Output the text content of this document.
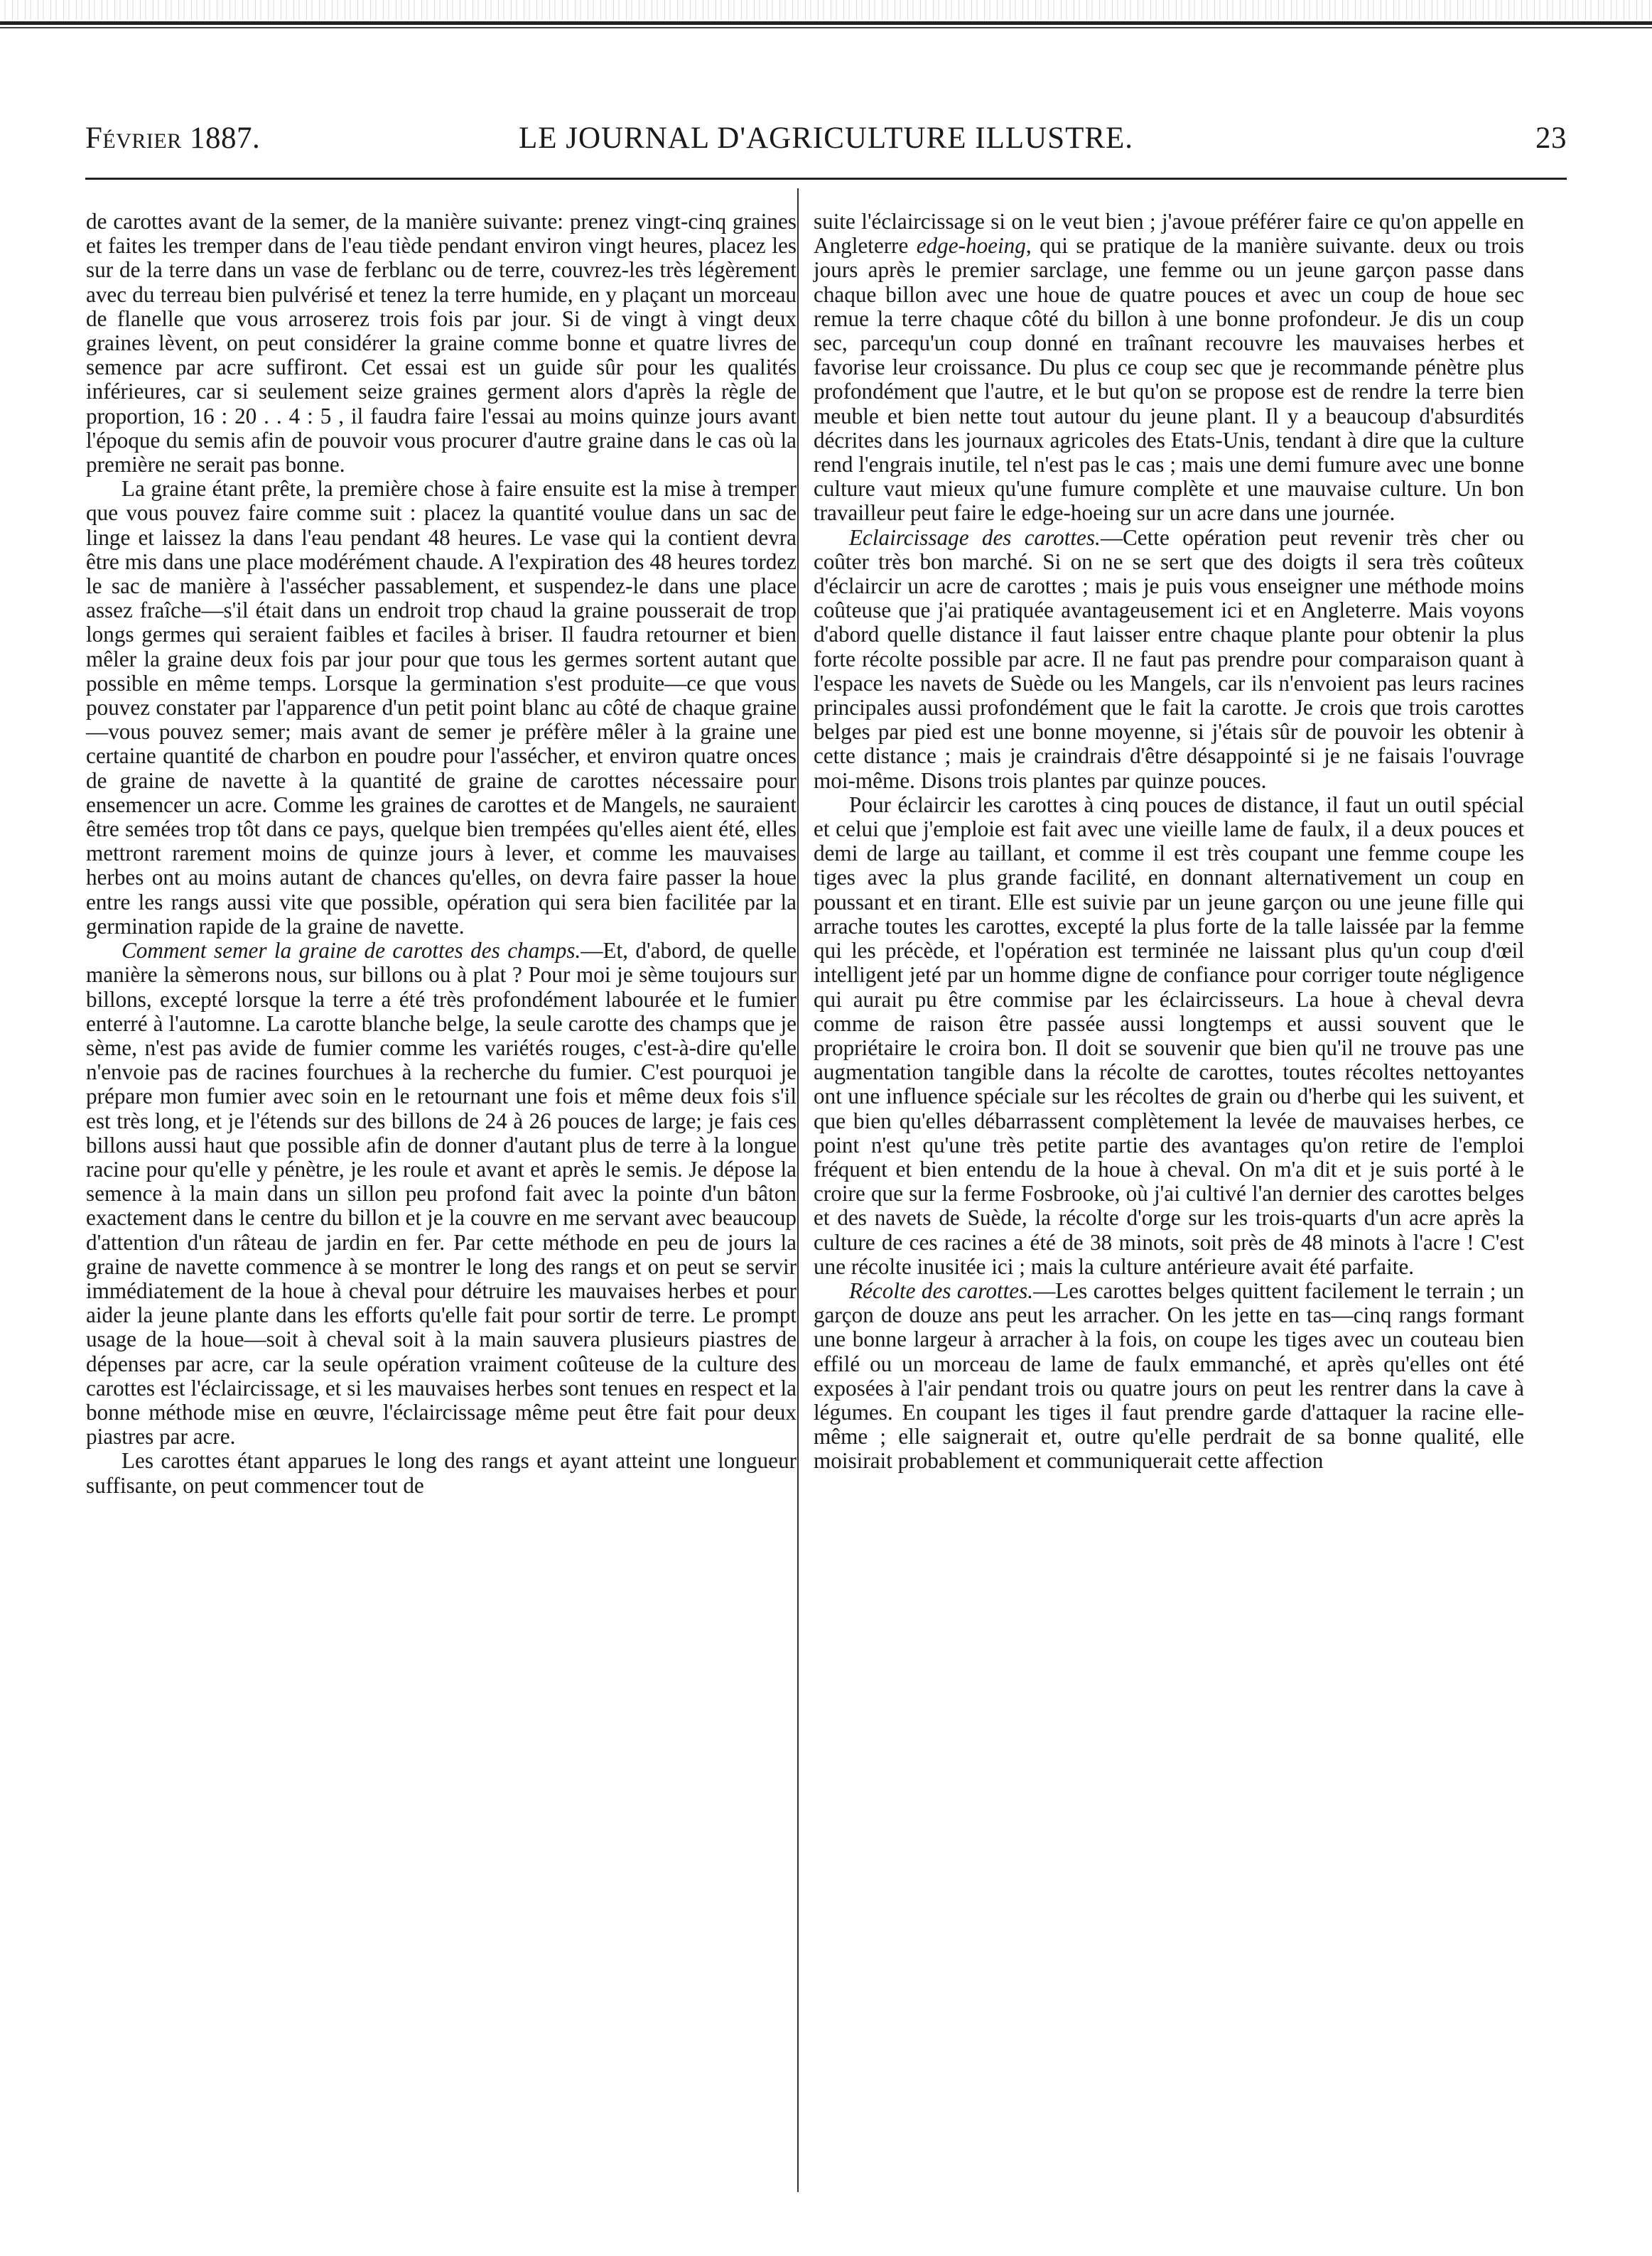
Février 1887.	LE JOURNAL D'AGRICULTURE ILLUSTRE.	23

de carottes avant de la semer, de la manière suivante: prenez vingt-cinq graines et faites les tremper dans de l'eau tiède pendant environ vingt heures, placez les sur de la terre dans un vase de ferblanc ou de terre, couvrez-les très légèrement avec du terreau bien pulvérisé et tenez la terre humide, en y plaçant un morceau de flanelle que vous arroserez trois fois par jour. Si de vingt à vingt deux graines lèvent, on peut considérer la graine comme bonne et quatre livres de semence par acre suffiront. Cet essai est un guide sûr pour les qualités inférieures, car si seulement seize graines germent alors d'après la règle de proportion, 16 : 20 . . 4 : 5 , il faudra faire l'essai au moins quinze jours avant l'époque du semis afin de pouvoir vous procurer d'autre graine dans le cas où la première ne serait pas bonne.

La graine étant prête, la première chose à faire ensuite est la mise à tremper que vous pouvez faire comme suit : placez la quantité voulue dans un sac de linge et laissez la dans l'eau pendant 48 heures. Le vase qui la contient devra être mis dans une place modérément chaude. A l'expiration des 48 heures tordez le sac de manière à l'assécher passablement, et suspendez-le dans une place assez fraîche—s'il était dans un endroit trop chaud la graine pousserait de trop longs germes qui seraient faibles et faciles à briser. Il faudra retourner et bien mêler la graine deux fois par jour pour que tous les germes sortent autant que possible en même temps. Lorsque la germination s'est produite—ce que vous pouvez constater par l'apparence d'un petit point blanc au côté de chaque graine—vous pouvez semer; mais avant de semer je préfère mêler à la graine une certaine quantité de charbon en poudre pour l'assécher, et environ quatre onces de graine de navette à la quantité de graine de carottes nécessaire pour ensemencer un acre. Comme les graines de carottes et de Mangels, ne sauraient être semées trop tôt dans ce pays, quelque bien trempées qu'elles aient été, elles mettront rarement moins de quinze jours à lever, et comme les mauvaises herbes ont au moins autant de chances qu'elles, on devra faire passer la houe entre les rangs aussi vite que possible, opération qui sera bien facilitée par la germination rapide de la graine de navette.

Comment semer la graine de carottes des champs.—Et, d'abord, de quelle manière la sèmerons nous, sur billons ou à plat ? Pour moi je sème toujours sur billons, excepté lorsque la terre a été très profondément labourée et le fumier enterré à l'automne. La carotte blanche belge, la seule carotte des champs que je sème, n'est pas avide de fumier comme les variétés rouges, c'est-à-dire qu'elle n'envoie pas de racines fourchues à la recherche du fumier. C'est pourquoi je prépare mon fumier avec soin en le retournant une fois et même deux fois s'il est très long, et je l'étends sur des billons de 24 à 26 pouces de large; je fais ces billons aussi haut que possible afin de donner d'autant plus de terre à la longue racine pour qu'elle y pénètre, je les roule et avant et après le semis. Je dépose la semence à la main dans un sillon peu profond fait avec la pointe d'un bâton exactement dans le centre du billon et je la couvre en me servant avec beaucoup d'attention d'un râteau de jardin en fer. Par cette méthode en peu de jours la graine de navette commence à se montrer le long des rangs et on peut se servir immédiatement de la houe à cheval pour détruire les mauvaises herbes et pour aider la jeune plante dans les efforts qu'elle fait pour sortir de terre. Le prompt usage de la houe—soit à cheval soit à la main sauvera plusieurs piastres de dépenses par acre, car la seule opération vraiment coûteuse de la culture des carottes est l'éclaircissage, et si les mauvaises herbes sont tenues en respect et la bonne méthode mise en œuvre, l'éclaircissage même peut être fait pour deux piastres par acre.

Les carottes étant apparues le long des rangs et ayant atteint une longueur suffisante, on peut commencer tout de

suite l'éclaircissage si on le veut bien ; j'avoue préférer faire ce qu'on appelle en Angleterre edge-hoeing, qui se pratique de la manière suivante. deux ou trois jours après le premier sarclage, une femme ou un jeune garçon passe dans chaque billon avec une houe de quatre pouces et avec un coup de houe sec remue la terre chaque côté du billon à une bonne profondeur. Je dis un coup sec, parcequ'un coup donné en traînant recouvre les mauvaises herbes et favorise leur croissance. Du plus ce coup sec que je recommande pénètre plus profondément que l'autre, et le but qu'on se propose est de rendre la terre bien meuble et bien nette tout autour du jeune plant. Il y a beaucoup d'absurdités décrites dans les journaux agricoles des Etats-Unis, tendant à dire que la culture rend l'engrais inutile, tel n'est pas le cas ; mais une demi fumure avec une bonne culture vaut mieux qu'une fumure complète et une mauvaise culture. Un bon travailleur peut faire le edge-hoeing sur un acre dans une journée.

Eclaircissage des carottes.—Cette opération peut revenir très cher ou coûter très bon marché. Si on ne se sert que des doigts il sera très coûteux d'éclaircir un acre de carottes ; mais je puis vous enseigner une méthode moins coûteuse que j'ai pratiquée avantageusement ici et en Angleterre. Mais voyons d'abord quelle distance il faut laisser entre chaque plante pour obtenir la plus forte récolte possible par acre. Il ne faut pas prendre pour comparaison quant à l'espace les navets de Suède ou les Mangels, car ils n'envoient pas leurs racines principales aussi profondément que le fait la carotte. Je crois que trois carottes belges par pied est une bonne moyenne, si j'étais sûr de pouvoir les obtenir à cette distance ; mais je craindrais d'être désappointé si je ne faisais l'ouvrage moi-même. Disons trois plantes par quinze pouces.

Pour éclaircir les carottes à cinq pouces de distance, il faut un outil spécial et celui que j'emploie est fait avec une vieille lame de faulx, il a deux pouces et demi de large au taillant, et comme il est très coupant une femme coupe les tiges avec la plus grande facilité, en donnant alternativement un coup en poussant et en tirant. Elle est suivie par un jeune garçon ou une jeune fille qui arrache toutes les carottes, excepté la plus forte de la talle laissée par la femme qui les précède, et l'opération est terminée ne laissant plus qu'un coup d'œil intelligent jeté par un homme digne de confiance pour corriger toute négligence qui aurait pu être commise par les éclaircisseurs. La houe à cheval devra comme de raison être passée aussi longtemps et aussi souvent que le propriétaire le croira bon. Il doit se souvenir que bien qu'il ne trouve pas une augmentation tangible dans la récolte de carottes, toutes récoltes nettoyantes ont une influence spéciale sur les récoltes de grain ou d'herbe qui les suivent, et que bien qu'elles débarrassent complètement la levée de mauvaises herbes, ce point n'est qu'une très petite partie des avantages qu'on retire de l'emploi fréquent et bien entendu de la houe à cheval. On m'a dit et je suis porté à le croire que sur la ferme Fosbrooke, où j'ai cultivé l'an dernier des carottes belges et des navets de Suède, la récolte d'orge sur les trois-quarts d'un acre après la culture de ces racines a été de 38 minots, soit près de 48 minots à l'acre ! C'est une récolte inusitée ici ; mais la culture antérieure avait été parfaite.

Récolte des carottes.—Les carottes belges quittent facilement le terrain ; un garçon de douze ans peut les arracher. On les jette en tas—cinq rangs formant une bonne largeur à arracher à la fois, on coupe les tiges avec un couteau bien effilé ou un morceau de lame de faulx emmanché, et après qu'elles ont été exposées à l'air pendant trois ou quatre jours on peut les rentrer dans la cave à légumes. En coupant les tiges il faut prendre garde d'attaquer la racine elle-même ; elle saignerait et, outre qu'elle perdrait de sa bonne qualité, elle moisirait probablement et communiquerait cette affection
